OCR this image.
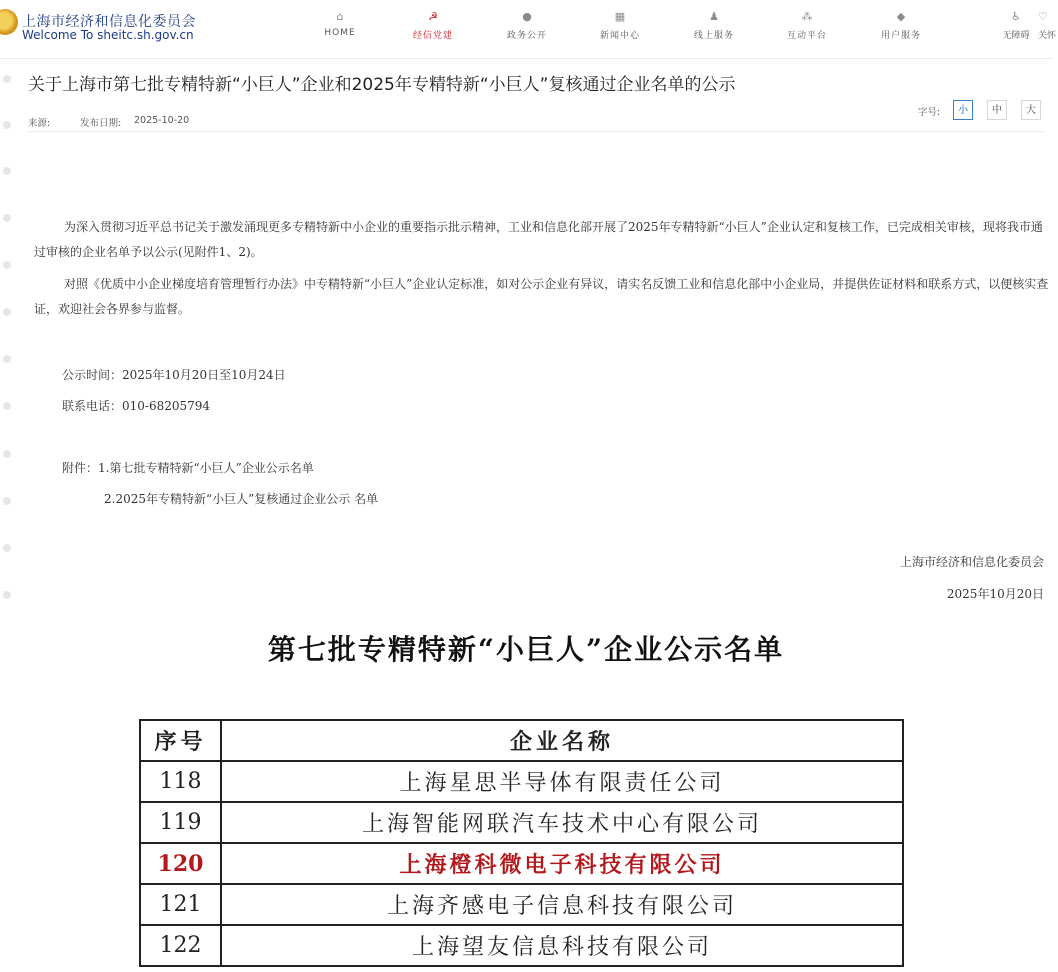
上海市经济和信息化委员会
Welcome To sheitc.sh.gov.cn
⌂
HOME
☭
经信党建
●
政务公开
▦
新闻中心
♟
线上服务
⁂
互动平台
◆
用户服务
♿
无障碍
♡
关怀
关于上海市第七批专精特新“小巨人”企业和2025年专精特新“小巨人”复核通过企业名单的公示
来源:	发布日期: 2025-10-20
字号:	小	中	大
为深入贯彻习近平总书记关于激发涌现更多专精特新中小企业的重要指示批示精神，工业和信息化部开展了2025年专精特新“小巨人”企业认定和复核工作，已完成相关审核，现将我市通过审核的企业名单予以公示(见附件1、2)。
对照《优质中小企业梯度培育管理暂行办法》中专精特新“小巨人”企业认定标准，如对公示企业有异议，请实名反馈工业和信息化部中小企业局，并提供佐证材料和联系方式，以便核实查证，欢迎社会各界参与监督。
公示时间：2025年10月20日至10月24日
联系电话：010-68205794
附件：1.第七批专精特新“小巨人”企业公示名单
2.2025年专精特新“小巨人”复核通过企业公示 名单
上海市经济和信息化委员会
2025年10月20日
第七批专精特新“小巨人”企业公示名单
序号	企业名称
118	上海星思半导体有限责任公司
119	上海智能网联汽车技术中心有限公司
120	上海橙科微电子科技有限公司
121	上海齐感电子信息科技有限公司
122	上海望友信息科技有限公司
